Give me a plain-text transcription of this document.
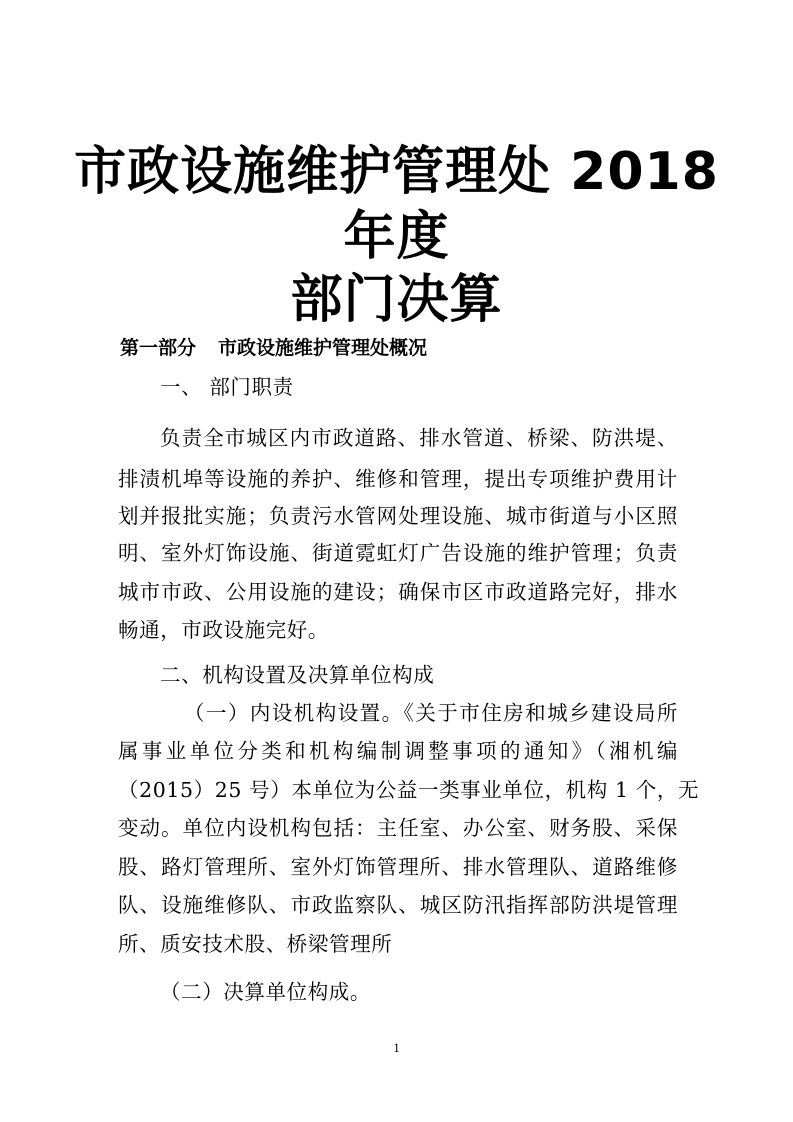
市政设施维护管理处 2018
年度
部门决算
第一部分 市政设施维护管理处概况
一、 部门职责
负责全市城区内市政道路、排水管道、桥梁、防洪堤、
排渍机埠等设施的养护、维修和管理，提出专项维护费用计
划并报批实施；负责污水管网处理设施、城市街道与小区照
明、室外灯饰设施、街道霓虹灯广告设施的维护管理；负责
城市市政、公用设施的建设；确保市区市政道路完好，排水
畅通，市政设施完好。
二、机构设置及决算单位构成
（一）内设机构设置。《关于市住房和城乡建设局所
属事业单位分类和机构编制调整事项的通知》（湘机编
（2015）25 号）本单位为公益一类事业单位，机构 1 个，无
变动。单位内设机构包括：主任室、办公室、财务股、采保
股、路灯管理所、室外灯饰管理所、排水管理队、道路维修
队、设施维修队、市政监察队、城区防汛指挥部防洪堤管理
所、质安技术股、桥梁管理所
（二）决算单位构成。
1
